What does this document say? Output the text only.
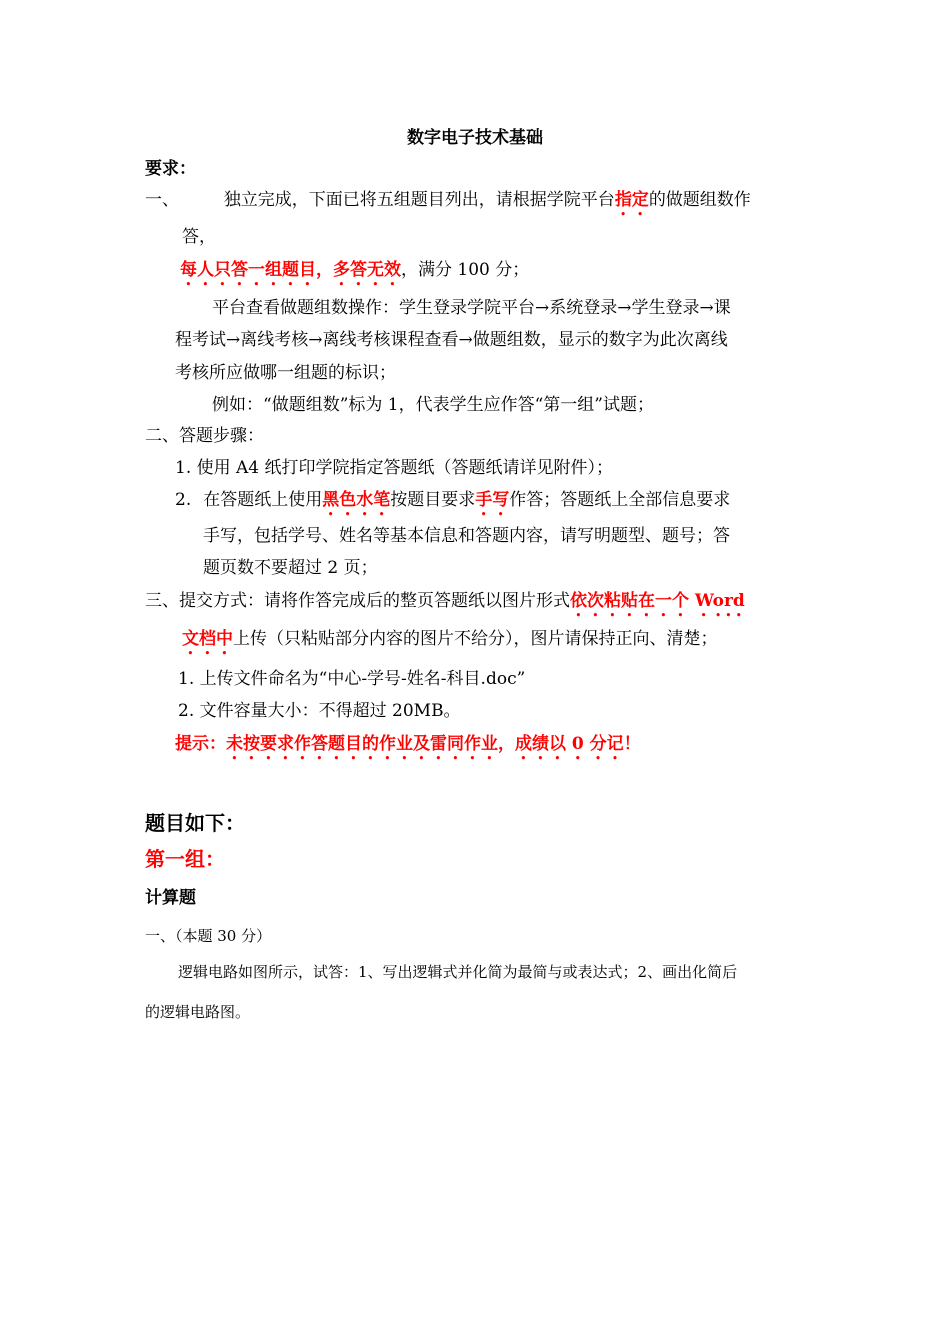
数字电子技术基础
要求：
一、	独立完成，下面已将五组题目列出，请根据学院平台指定的做题组数作
答，
每人只答一组题目，多答无效，满分 100 分；
平台查看做题组数操作：学生登录学院平台→系统登录→学生登录→课
程考试→离线考核→离线考核课程查看→做题组数，显示的数字为此次离线
考核所应做哪一组题的标识；
例如：“做题组数”标为 1，代表学生应作答“第一组”试题；
二、答题步骤：
1. 使用 A4 纸打印学院指定答题纸（答题纸请详见附件）；
2. 在答题纸上使用黑色水笔按题目要求手写作答；答题纸上全部信息要求
手写，包括学号、姓名等基本信息和答题内容，请写明题型、题号；答
题页数不要超过 2 页；
三、提交方式：请将作答完成后的整页答题纸以图片形式依次粘贴在一个 Word
文档中上传（只粘贴部分内容的图片不给分），图片请保持正向、清楚；
1. 上传文件命名为“中心-学号-姓名-科目.doc”
2. 文件容量大小：不得超过 20MB。
提示：未按要求作答题目的作业及雷同作业，成绩以 0 分记！
题目如下：
第一组：
计算题
一、（本题 30 分）
逻辑电路如图所示，试答：1、写出逻辑式并化简为最简与或表达式；2、画出化简后
的逻辑电路图。
